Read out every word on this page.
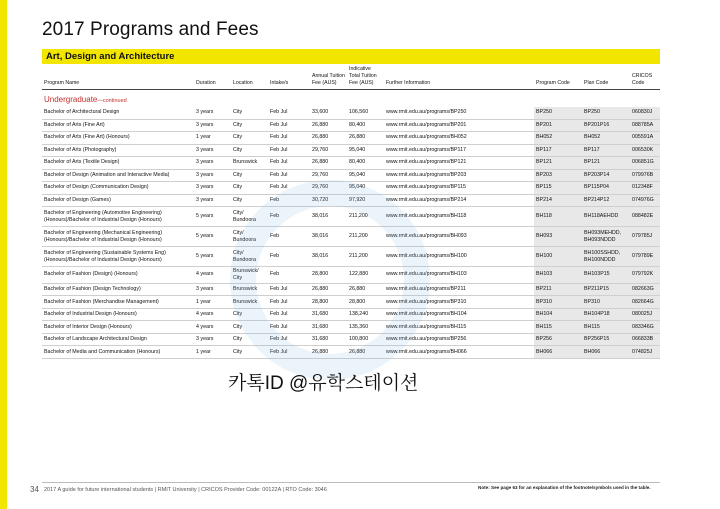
2017 Programs and Fees
Art, Design and Architecture
Program Name	Duration	Location	Intake/s	Annual Tuition Fee (AUS)	Indicative Total Tuition Fee (AUS)	Further Information	Program Code	Plan Code	CRICOS Code
Undergraduate—continued									
Bachelor of Architectural Design	3 years	City	Feb Jul	33,600	106,560	www.rmit.edu.au/programs/BP250	BP250	BP250	060830J
Bachelor of Arts (Fine Art)	3 years	City	Feb Jul	26,880	80,400	www.rmit.edu.au/programs/BP201	BP201	BP201P16	088785A
Bachelor of Arts (Fine Art) (Honours)	1 year	City	Feb Jul	26,880	26,880	www.rmit.edu.au/programs/BH052	BH052	BH052	005591A
Bachelor of Arts (Photography)	3 years	City	Feb Jul	29,760	95,040	www.rmit.edu.au/programs/BP117	BP117	BP117	006530K
Bachelor of Arts (Textile Design)	3 years	Brunswick	Feb Jul	26,880	80,400	www.rmit.edu.au/programs/BP121	BP121	BP121	006851G
Bachelor of Design (Animation and Interactive Media)	3 years	City	Feb Jul	29,760	95,040	www.rmit.edu.au/programs/BP203	BP203	BP203P14	079976B
Bachelor of Design (Communication Design)	3 years	City	Feb Jul	29,760	95,040	www.rmit.edu.au/programs/BP115	BP115	BP115P04	012348F
Bachelor of Design (Games)	3 years	City	Feb	30,720	97,920	www.rmit.edu.au/programs/BP214	BP214	BP214P12	074976G
Bachelor of Engineering (Automotive Engineering) (Honours)/Bachelor of Industrial Design (Honours)	5 years	City/ Bundoora	Feb	38,016	211,200	www.rmit.edu.au/programs/BH118	BH118	BH118AEHDD	088482E
Bachelor of Engineering (Mechanical Engineering) (Honours)/Bachelor of Industrial Design (Honours)	5 years	City/ Bundoora	Feb	38,016	211,200	www.rmit.edu.au/programs/BH093	BH093	BH093MEHDD, BH093NDDD	079785J
Bachelor of Engineering (Sustainable Systems Eng) (Honours)/Bachelor of Industrial Design (Honours)	5 years	City/ Bundoora	Feb	38,016	211,200	www.rmit.edu.au/programs/BH100	BH100	BH100SSHDD, BH100NDDD	079789E
Bachelor of Fashion (Design) (Honours)	4 years	Brunswick/ City	Feb	28,800	122,880	www.rmit.edu.au/programs/BH103	BH103	BH103P15	079792K
Bachelor of Fashion (Design Technology)	3 years	Brunswick	Feb Jul	26,880	26,880	www.rmit.edu.au/programs/BP211	BP211	BP211P15	082663G
Bachelor of Fashion (Merchandise Management)	1 year	Brunswick	Feb Jul	28,800	28,800	www.rmit.edu.au/programs/BP310	BP310	BP310	082664G
Bachelor of Industrial Design (Honours)	4 years	City	Feb Jul	31,680	138,240	www.rmit.edu.au/programs/BH104	BH104	BH104P18	080025J
Bachelor of Interior Design (Honours)	4 years	City	Feb Jul	31,680	135,360	www.rmit.edu.au/programs/BH115	BH115	BH115	083346G
Bachelor of Landscape Architectural Design	3 years	City	Feb Jul	31,680	100,800	www.rmit.edu.au/programs/BP256	BP256	BP256P15	066833B
Bachelor of Media and Communication (Honours)	1 year	City	Feb Jul	26,880	26,880	www.rmit.edu.au/programs/BH066	BH066	BH066	074825J
카톡ID @유학스테이션
34 2017 A guide for future international students | RMIT University | CRICOS Provider Code: 00122A | RTO Code: 3046	Note: See page 63 for an explanation of the footnote/symbols used in the table.
